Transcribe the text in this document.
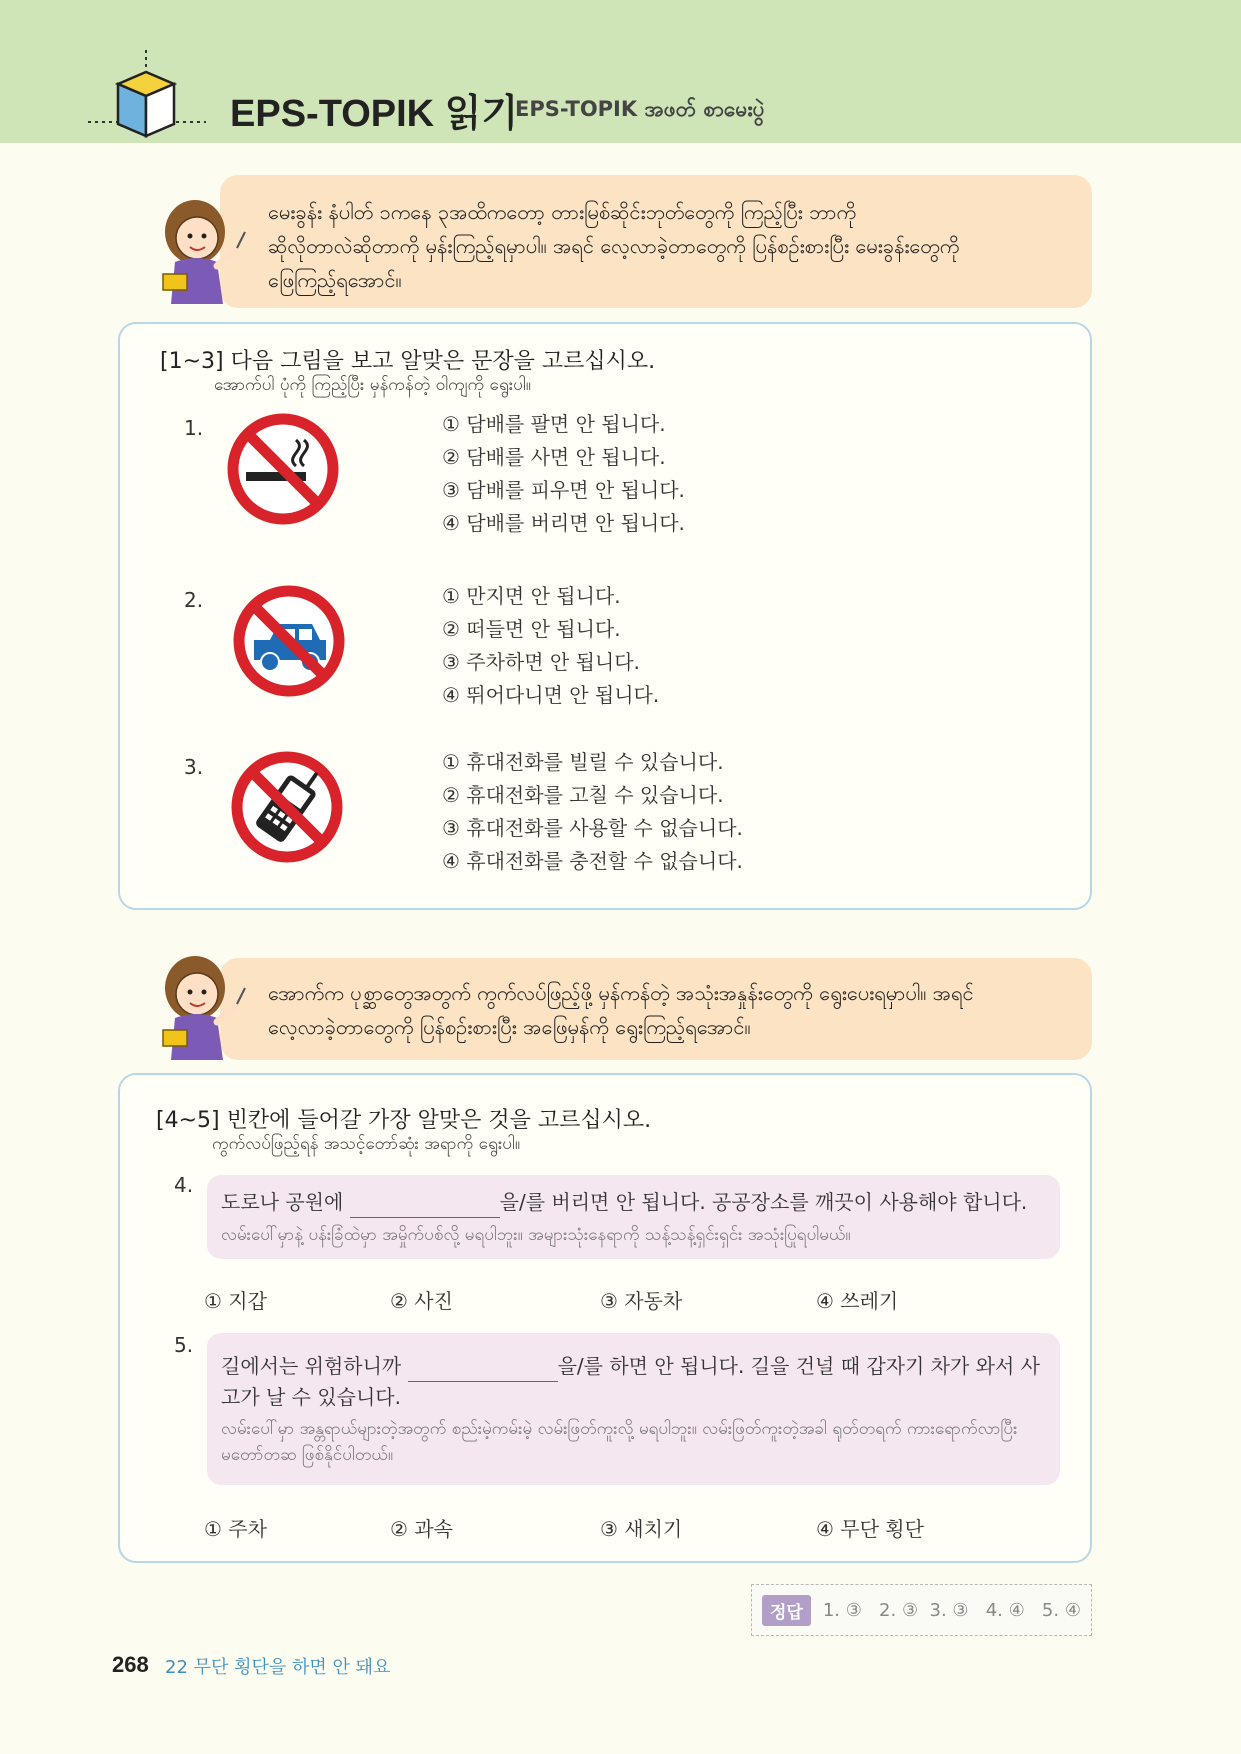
EPS-TOPIK 읽기
EPS-TOPIK အဖတ် စာမေးပွဲ
မေးခွန်း နံပါတ် ၁ကနေ ၃အထိကတော့ တားမြစ်ဆိုင်းဘုတ်တွေကို ကြည့်ပြီး ဘာကို
ဆိုလိုတာလဲဆိုတာကို မှန်းကြည့်ရမှာပါ။ အရင် လေ့လာခဲ့တာတွေကို ပြန်စဉ်းစားပြီး မေးခွန်းတွေကို
ဖြေကြည့်ရအောင်။
[1~3] 다음 그림을 보고 알맞은 문장을 고르십시오.
အောက်ပါ ပုံကို ကြည့်ပြီး မှန်ကန်တဲ့ ဝါကျကို ရွေးပါ။
1.	① 담배를 팔면 안 됩니다.
② 담배를 사면 안 됩니다.
③ 담배를 피우면 안 됩니다.
④ 담배를 버리면 안 됩니다.
2.	① 만지면 안 됩니다.
② 떠들면 안 됩니다.
③ 주차하면 안 됩니다.
④ 뛰어다니면 안 됩니다.
3.	① 휴대전화를 빌릴 수 있습니다.
② 휴대전화를 고칠 수 있습니다.
③ 휴대전화를 사용할 수 없습니다.
④ 휴대전화를 충전할 수 없습니다.
အောက်က ပုစ္ဆာတွေအတွက် ကွက်လပ်ဖြည့်ဖို့ မှန်ကန်တဲ့ အသုံးအနှုန်းတွေကို ရွေးပေးရမှာပါ။ အရင်
လေ့လာခဲ့တာတွေကို ပြန်စဉ်းစားပြီး အဖြေမှန်ကို ရွေးကြည့်ရအောင်။
[4~5] 빈칸에 들어갈 가장 알맞은 것을 고르십시오.
ကွက်လပ်ဖြည့်ရန် အသင့်တော်ဆုံး အရာကို ရွေးပါ။
4.
도로나 공원에	을/를 버리면 안 됩니다. 공공장소를 깨끗이 사용해야 합니다.
လမ်းပေါ်မှာနဲ့ ပန်းခြံထဲမှာ အမှိုက်ပစ်လို့ မရပါဘူး။ အများသုံးနေရာကို သန့်သန့်ရှင်းရှင်း အသုံးပြုရပါမယ်။
① 지갑	② 사진	③ 자동차	④ 쓰레기
5.
길에서는 위험하니까	을/를 하면 안 됩니다. 길을 건널 때 갑자기 차가 와서 사고가 날 수 있습니다.
လမ်းပေါ်မှာ အန္တရာယ်များတဲ့အတွက် စည်းမဲ့ကမ်းမဲ့ လမ်းဖြတ်ကူးလို့ မရပါဘူး။ လမ်းဖြတ်ကူးတဲ့အခါ ရုတ်တရက် ကားရောက်လာပြီး မတော်တဆ ဖြစ်နိုင်ပါတယ်။
① 주차	② 과속	③ 새치기	④ 무단 횡단
정답	1. ③   2. ③  3. ③   4. ④   5. ④
268 22 무단 횡단을 하면 안 돼요
